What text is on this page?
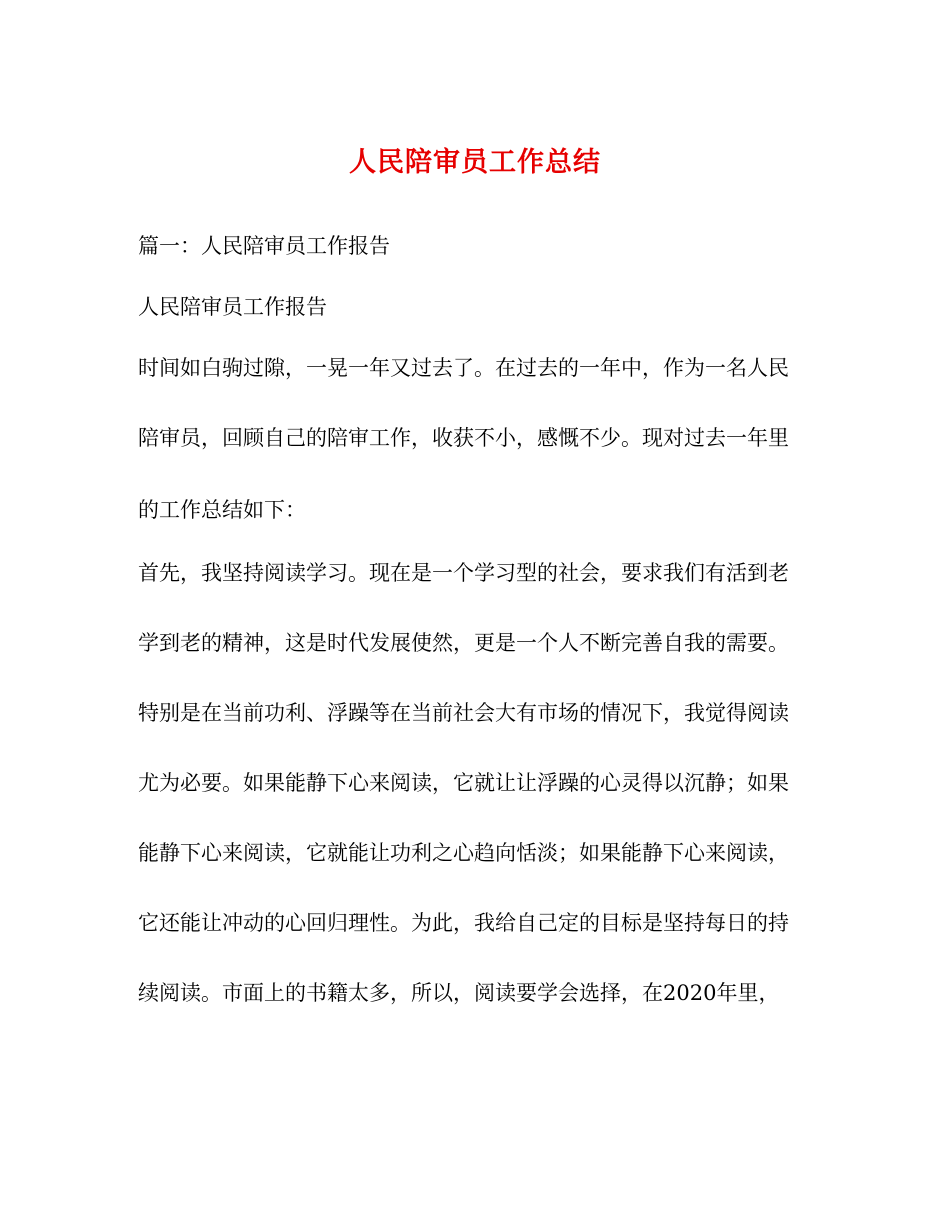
人民陪审员工作总结

篇一：人民陪审员工作报告

人民陪审员工作报告

时间如白驹过隙，一晃一年又过去了。在过去的一年中，作为一名人民

陪审员，回顾自己的陪审工作，收获不小，感慨不少。现对过去一年里

的工作总结如下：

首先，我坚持阅读学习。现在是一个学习型的社会，要求我们有活到老

学到老的精神，这是时代发展使然，更是一个人不断完善自我的需要。

特别是在当前功利、浮躁等在当前社会大有市场的情况下，我觉得阅读

尤为必要。如果能静下心来阅读，它就让让浮躁的心灵得以沉静；如果

能静下心来阅读，它就能让功利之心趋向恬淡；如果能静下心来阅读，

它还能让冲动的心回归理性。为此，我给自己定的目标是坚持每日的持

续阅读。市面上的书籍太多，所以，阅读要学会选择，在2020年里，
